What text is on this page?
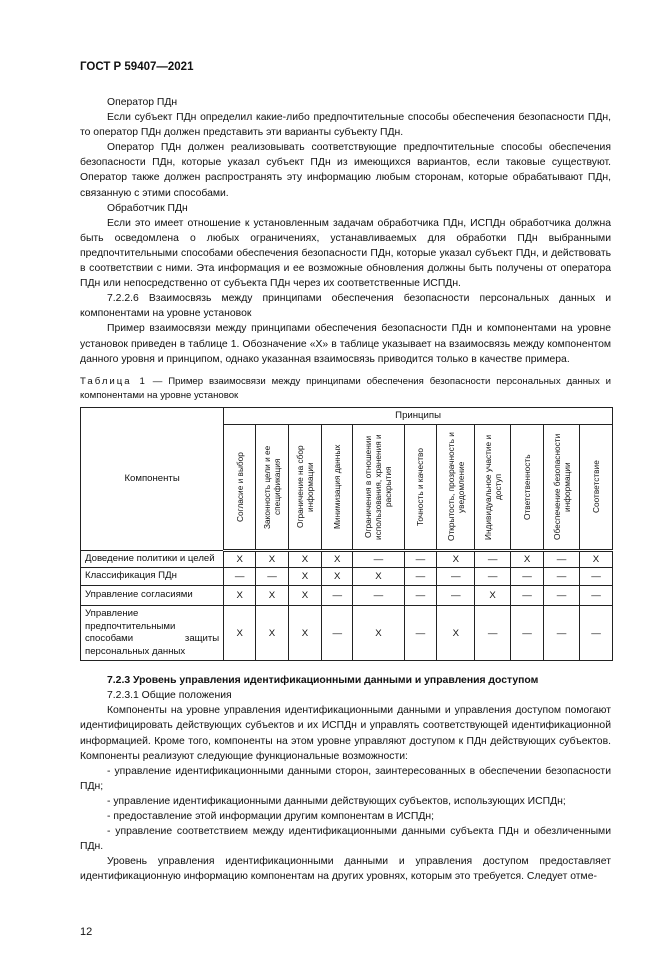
ГОСТ Р 59407—2021

Оператор ПДн

Если субъект ПДн определил какие-либо предпочтительные способы обеспечения безопасности ПДн, то оператор ПДн должен представить эти варианты субъекту ПДн.

Оператор ПДн должен реализовывать соответствующие предпочтительные способы обеспечения безопасности ПДн, которые указал субъект ПДн из имеющихся вариантов, если таковые существуют. Оператор также должен распространять эту информацию любым сторонам, которые обрабатывают ПДн, связанную с этими способами.

Обработчик ПДн

Если это имеет отношение к установленным задачам обработчика ПДн, ИСПДн обработчика должна быть осведомлена о любых ограничениях, устанавливаемых для обработки ПДн выбранными предпочтительными способами обеспечения безопасности ПДн, которые указал субъект ПДн, и действовать в соответствии с ними. Эта информация и ее возможные обновления должны быть получены от оператора ПДн или непосредственно от субъекта ПДн через их соответственные ИСПДн.

7.2.2.6 Взаимосвязь между принципами обеспечения безопасности персональных данных и компонентами на уровне установок

Пример взаимосвязи между принципами обеспечения безопасности ПДн и компонентами на уровне установок приведен в таблице 1. Обозначение «X» в таблице указывает на взаимосвязь между компонентом данного уровня и принципом, однако указанная взаимосвязь приводится только в качестве примера.

Таблица 1 — Пример взаимосвязи между принципами обеспечения безопасности персональных данных и компонентами на уровне установок
Компоненты	Принципы										

	Согласие и выбор	Законность цели и ее спецификация	Ограничение на сбор информации	Минимизация данных	Ограничения в отношении использования, хранения и раскрытия	Точность и качество	Открытость, прозрачность и уведомление	Индивидуальное участие и доступ	Ответственность	Обеспечение безопасности информации	Соответствие

Доведение политики и целей	X	X	X	X	—	—	X	—	X	—	X
Классификация ПДн	—	—	X	X	X	—	—	—	—	—	—
Управление согласиями	X	X	X	—	—	—	—	X	—	—	—
Управление предпочтительными способами защиты персональных данных	X	X	X	—	X	—	X	—	—	—	—

7.2.3 Уровень управления идентификационными данными и управления доступом

7.2.3.1 Общие положения

Компоненты на уровне управления идентификационными данными и управления доступом помогают идентифицировать действующих субъектов и их ИСПДн и управлять соответствующей идентификационной информацией. Кроме того, компоненты на этом уровне управляют доступом к ПДн действующих субъектов. Компоненты реализуют следующие функциональные возможности:

- управление идентификационными данными сторон, заинтересованных в обеспечении безопасности ПДн;

- управление идентификационными данными действующих субъектов, использующих ИСПДн;

- предоставление этой информации другим компонентам в ИСПДн;

- управление соответствием между идентификационными данными субъекта ПДн и обезличенными ПДн.

Уровень управления идентификационными данными и управления доступом предоставляет идентификационную информацию компонентам на других уровнях, которым это требуется. Следует отме-

12
